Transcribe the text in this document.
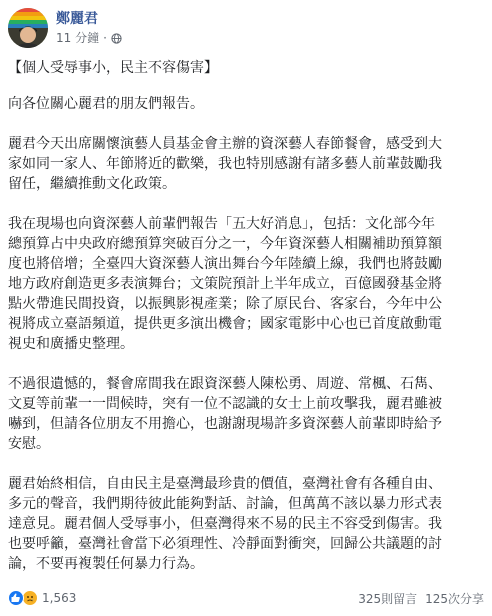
鄭麗君
11 分鐘 ·

【個人受辱事小，民主不容傷害】

向各位關心麗君的朋友們報告。

麗君今天出席關懷演藝人員基金會主辦的資深藝人春節餐會，感受到大
家如同一家人、年節將近的歡樂，我也特別感謝有諸多藝人前輩鼓勵我
留任，繼續推動文化政策。

我在現場也向資深藝人前輩們報告「五大好消息」，包括：文化部今年
總預算占中央政府總預算突破百分之一，今年資深藝人相關補助預算額
度也將倍增；全臺四大資深藝人演出舞台今年陸續上線，我們也將鼓勵
地方政府創造更多表演舞台；文策院預計上半年成立，百億國發基金將
點火帶進民間投資，以振興影視產業；除了原民台、客家台，今年中公
視將成立臺語頻道，提供更多演出機會；國家電影中心也已首度啟動電
視史和廣播史整理。

不過很遺憾的，餐會席間我在跟資深藝人陳松勇、周遊、常楓、石雋、
文夏等前輩一一問候時，突有一位不認識的女士上前攻擊我，麗君雖被
嚇到，但請各位朋友不用擔心，也謝謝現場許多資深藝人前輩即時給予
安慰。

麗君始終相信，自由民主是臺灣最珍貴的價值，臺灣社會有各種自由、
多元的聲音，我們期待彼此能夠對話、討論，但萬萬不該以暴力形式表
達意見。麗君個人受辱事小，但臺灣得來不易的民主不容受到傷害。我
也要呼籲，臺灣社會當下必須理性、冷靜面對衝突，回歸公共議題的討
論，不要再複製任何暴力行為。

1,563	325則留言 125次分享
